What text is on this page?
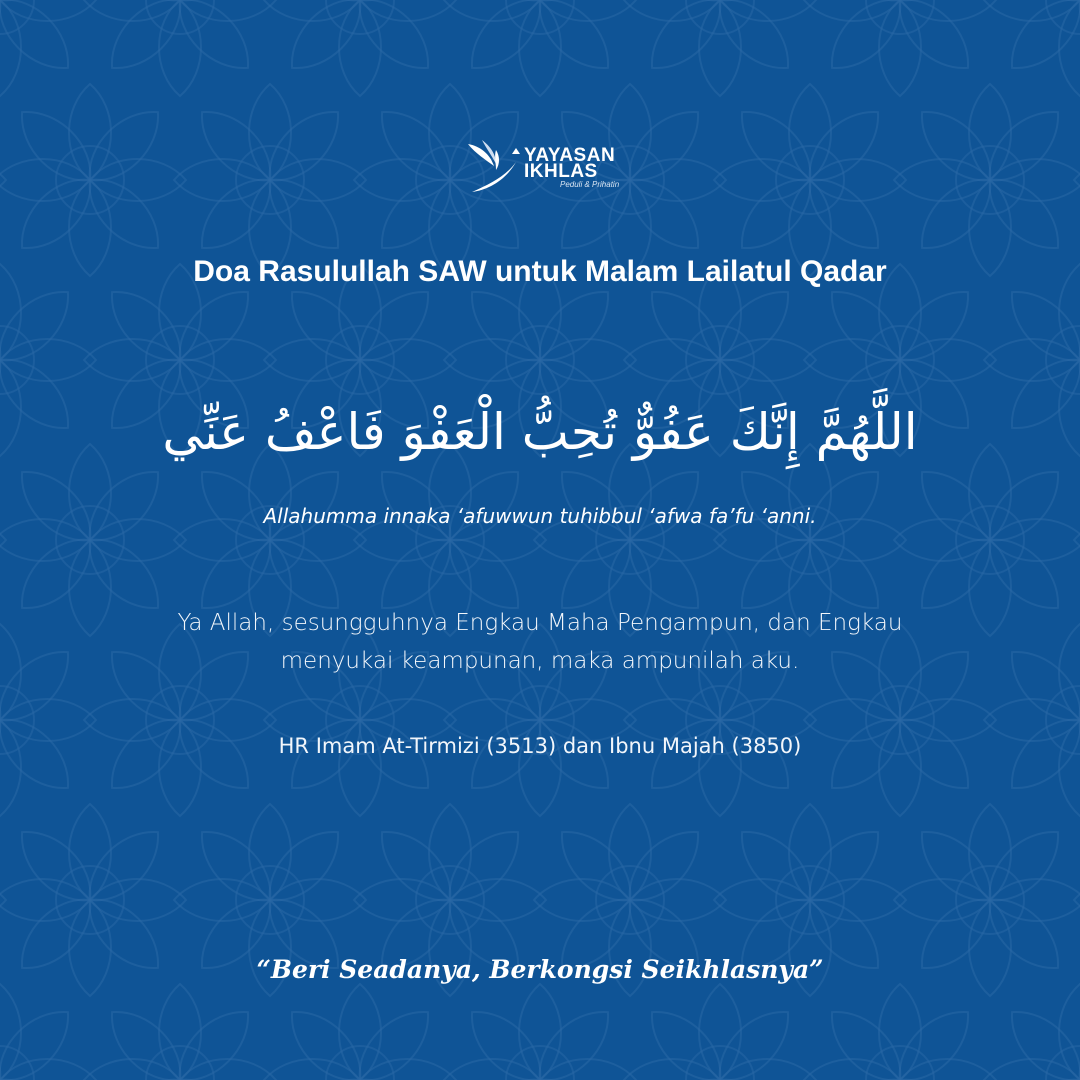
YAYASAN
IKHLAS
Peduli & Prihatin
Doa Rasulullah SAW untuk Malam Lailatul Qadar
اللَّهُمَّ إِنَّكَ عَفُوٌّ تُحِبُّ الْعَفْوَ فَاعْفُ عَنِّي
Allahumma innaka ‘afuwwun tuhibbul ‘afwa fa’fu ‘anni.
Ya Allah, sesungguhnya Engkau Maha Pengampun, dan Engkau
menyukai keampunan, maka ampunilah aku.
HR Imam At-Tirmizi (3513) dan Ibnu Majah (3850)
“Beri Seadanya, Berkongsi Seikhlasnya”
